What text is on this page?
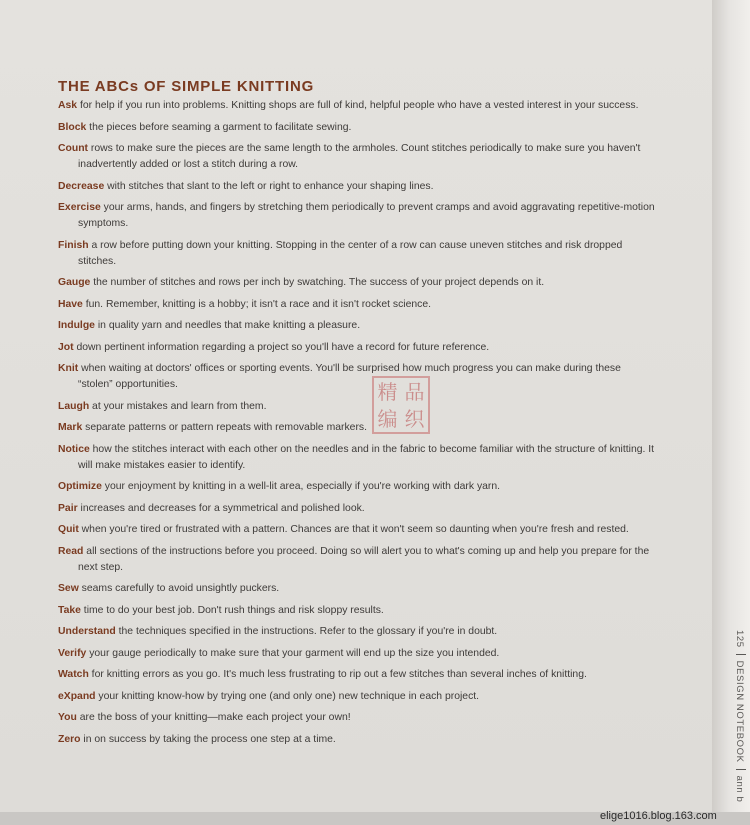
THE ABCs OF SIMPLE KNITTING
Ask for help if you run into problems. Knitting shops are full of kind, helpful people who have a vested interest in your success.
Block the pieces before seaming a garment to facilitate sewing.
Count rows to make sure the pieces are the same length to the armholes. Count stitches periodically to make sure you haven't inadvertently added or lost a stitch during a row.
Decrease with stitches that slant to the left or right to enhance your shaping lines.
Exercise your arms, hands, and fingers by stretching them periodically to prevent cramps and avoid aggravating repetitive-motion symptoms.
Finish a row before putting down your knitting. Stopping in the center of a row can cause uneven stitches and risk dropped stitches.
Gauge the number of stitches and rows per inch by swatching. The success of your project depends on it.
Have fun. Remember, knitting is a hobby; it isn't a race and it isn't rocket science.
Indulge in quality yarn and needles that make knitting a pleasure.
Jot down pertinent information regarding a project so you'll have a record for future reference.
Knit when waiting at doctors' offices or sporting events. You'll be surprised how much progress you can make during these “stolen” opportunities.
Laugh at your mistakes and learn from them.
Mark separate patterns or pattern repeats with removable markers.
Notice how the stitches interact with each other on the needles and in the fabric to become familiar with the structure of knitting. It will make mistakes easier to identify.
Optimize your enjoyment by knitting in a well-lit area, especially if you're working with dark yarn.
Pair increases and decreases for a symmetrical and polished look.
Quit when you're tired or frustrated with a pattern. Chances are that it won't seem so daunting when you're fresh and rested.
Read all sections of the instructions before you proceed. Doing so will alert you to what's coming up and help you prepare for the next step.
Sew seams carefully to avoid unsightly puckers.
Take time to do your best job. Don't rush things and risk sloppy results.
Understand the techniques specified in the instructions. Refer to the glossary if you're in doubt.
Verify your gauge periodically to make sure that your garment will end up the size you intended.
Watch for knitting errors as you go. It's much less frustrating to rip out a few stitches than several inches of knitting.
eXpand your knitting know-how by trying one (and only one) new technique in each project.
You are the boss of your knitting—make each project your own!
Zero in on success by taking the process one step at a time.
精 品
编 织
125DESIGN NOTEBOOKann b
elige1016.blog.163.com
